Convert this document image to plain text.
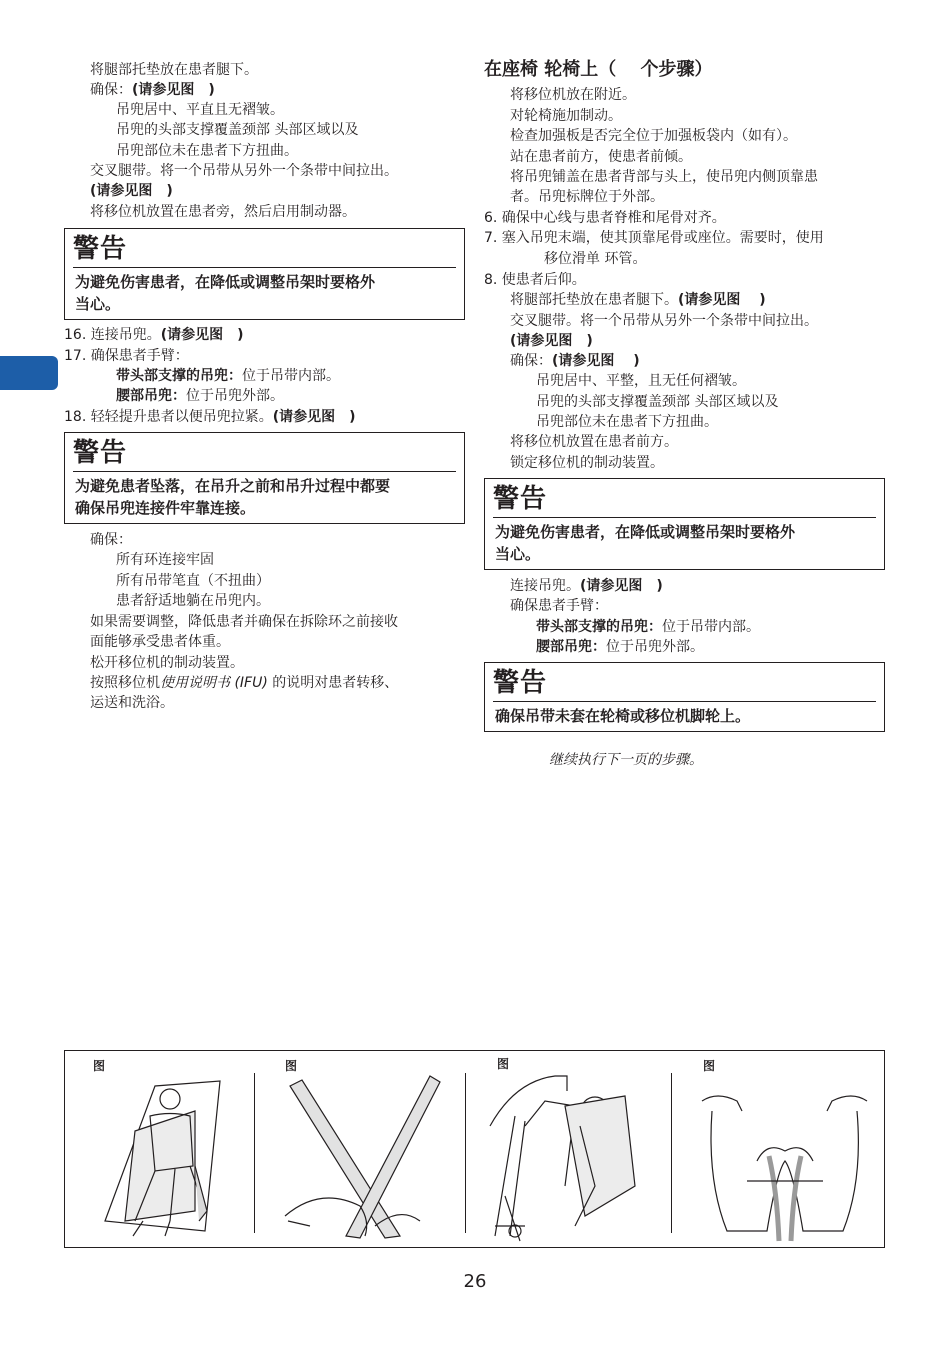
将腿部托垫放在患者腿下。
确保：(请参见图　)
吊兜居中、平直且无褶皱。
吊兜的头部支撑覆盖颈部 头部区域以及
吊兜部位未在患者下方扭曲。
交叉腿带。将一个吊带从另外一个条带中间拉出。
(请参见图　)
将移位机放置在患者旁，然后启用制动器。
警告
为避免伤害患者，在降低或调整吊架时要格外
当心。
16. 连接吊兜。(请参见图　)
17. 确保患者手臂：
带头部支撑的吊兜：位于吊带内部。
腰部吊兜：位于吊兜外部。
18. 轻轻提升患者以便吊兜拉紧。(请参见图　)
警告
为避免患者坠落，在吊升之前和吊升过程中都要
确保吊兜连接件牢靠连接。
确保：
所有环连接牢固
所有吊带笔直（不扭曲）
患者舒适地躺在吊兜内。
如果需要调整，降低患者并确保在拆除环之前接收
面能够承受患者体重。
松开移位机的制动装置。
按照移位机使用说明书 (IFU) 的说明对患者转移、
运送和洗浴。
在座椅 轮椅上（　 个步骤）
将移位机放在附近。
对轮椅施加制动。
检查加强板是否完全位于加强板袋内（如有）。
站在患者前方，使患者前倾。
将吊兜铺盖在患者背部与头上，使吊兜内侧顶靠患
者。吊兜标牌位于外部。
6. 确保中心线与患者脊椎和尾骨对齐。
7. 塞入吊兜末端，使其顶靠尾骨或座位。需要时，使用
移位滑单 环管。
8. 使患者后仰。
将腿部托垫放在患者腿下。(请参见图　 )
交叉腿带。将一个吊带从另外一个条带中间拉出。
(请参见图　)
确保：(请参见图　 )
吊兜居中、平整，且无任何褶皱。
吊兜的头部支撑覆盖颈部 头部区域以及
吊兜部位未在患者下方扭曲。
将移位机放置在患者前方。
锁定移位机的制动装置。
警告
为避免伤害患者，在降低或调整吊架时要格外
当心。
连接吊兜。(请参见图　)
确保患者手臂：
带头部支撑的吊兜：位于吊带内部。
腰部吊兜：位于吊兜外部。
警告
确保吊带未套在轮椅或移位机脚轮上。
继续执行下一页的步骤。
图	图	图	图
26
